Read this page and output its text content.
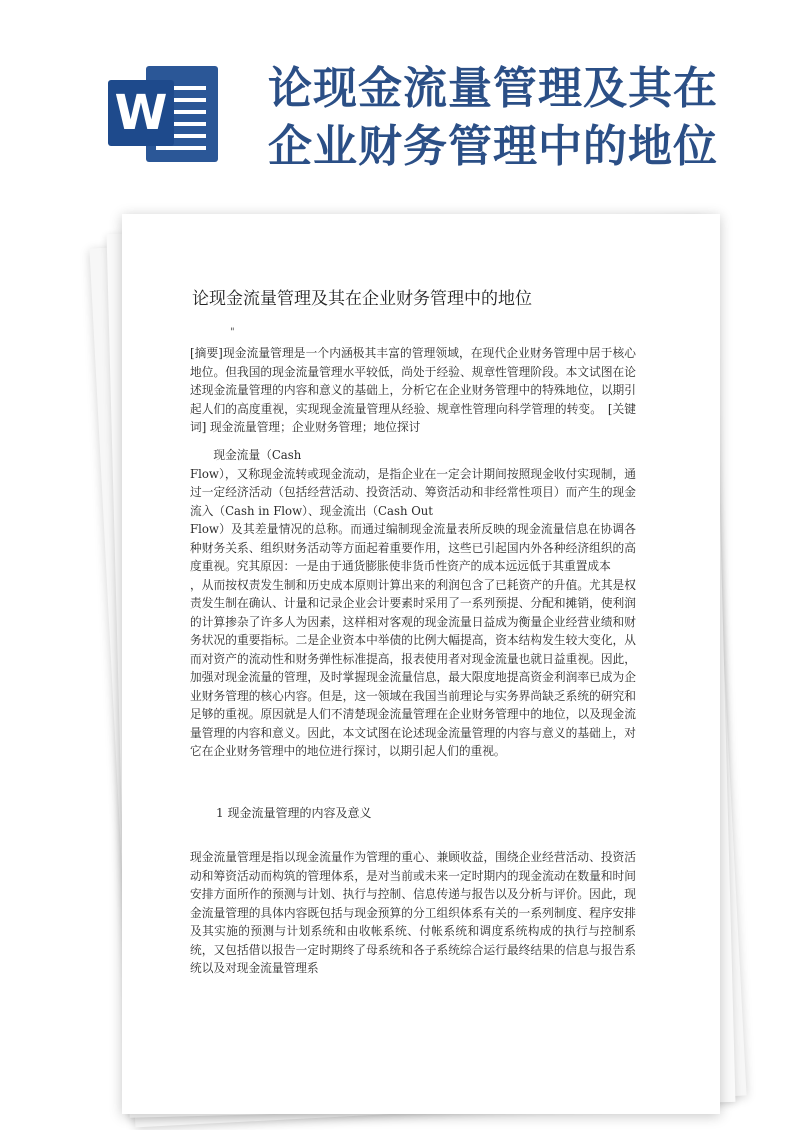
W 论现金流量管理及其在
企业财务管理中的地位
论现金流量管理及其在企业财务管理中的地位
"
[摘要]现金流量管理是一个内涵极其丰富的管理领域，在现代企业财务管理中居于核心地位。但我国的现金流量管理水平较低，尚处于经验、规章性管理阶段。本文试图在论述现金流量管理的内容和意义的基础上，分析它在企业财务管理中的特殊地位，以期引起人们的高度重视，实现现金流量管理从经验、规章性管理向科学管理的转变。　[关键词] 现金流量管理；企业财务管理；地位探讨
　　现金流量（Cash
Flow），又称现金流转或现金流动，是指企业在一定会计期间按照现金收付实现制，通过一定经济活动（包括经营活动、投资活动、筹资活动和非经常性项目）而产生的现金流入（Cash in Flow）、现金流出（Cash Out
Flow）及其差量情况的总称。而通过编制现金流量表所反映的现金流量信息在协调各种财务关系、组织财务活动等方面起着重要作用，这些已引起国内外各种经济组织的高度重视。究其原因：一是由于通货膨胀使非货币性资产的成本远远低于其重置成本
，从而按权责发生制和历史成本原则计算出来的利润包含了已耗资产的升值。尤其是权责发生制在确认、计量和记录企业会计要素时采用了一系列预提、分配和摊销，使利润的计算掺杂了许多人为因素，这样相对客观的现金流量日益成为衡量企业经营业绩和财务状况的重要指标。二是企业资本中举债的比例大幅提高，资本结构发生较大变化，从而对资产的流动性和财务弹性标准提高，报表使用者对现金流量也就日益重视。因此，加强对现金流量的管理，及时掌握现金流量信息，最大限度地提高资金利润率已成为企业财务管理的核心内容。但是，这一领域在我国当前理论与实务界尚缺乏系统的研究和足够的重视。原因就是人们不清楚现金流量管理在企业财务管理中的地位，以及现金流量管理的内容和意义。因此，本文试图在论述现金流量管理的内容与意义的基础上，对它在企业财务管理中的地位进行探讨，以期引起人们的重视。
1 现金流量管理的内容及意义
现金流量管理是指以现金流量作为管理的重心、兼顾收益，围绕企业经营活动、投资活动和筹资活动而构筑的管理体系，是对当前或未来一定时期内的现金流动在数量和时间安排方面所作的预测与计划、执行与控制、信息传递与报告以及分析与评价。因此，现金流量管理的具体内容既包括与现金预算的分工组织体系有关的一系列制度、程序安排及其实施的预测与计划系统和由收帐系统、付帐系统和调度系统构成的执行与控制系统，又包括借以报告一定时期终了母系统和各子系统综合运行最终结果的信息与报告系统以及对现金流量管理系
